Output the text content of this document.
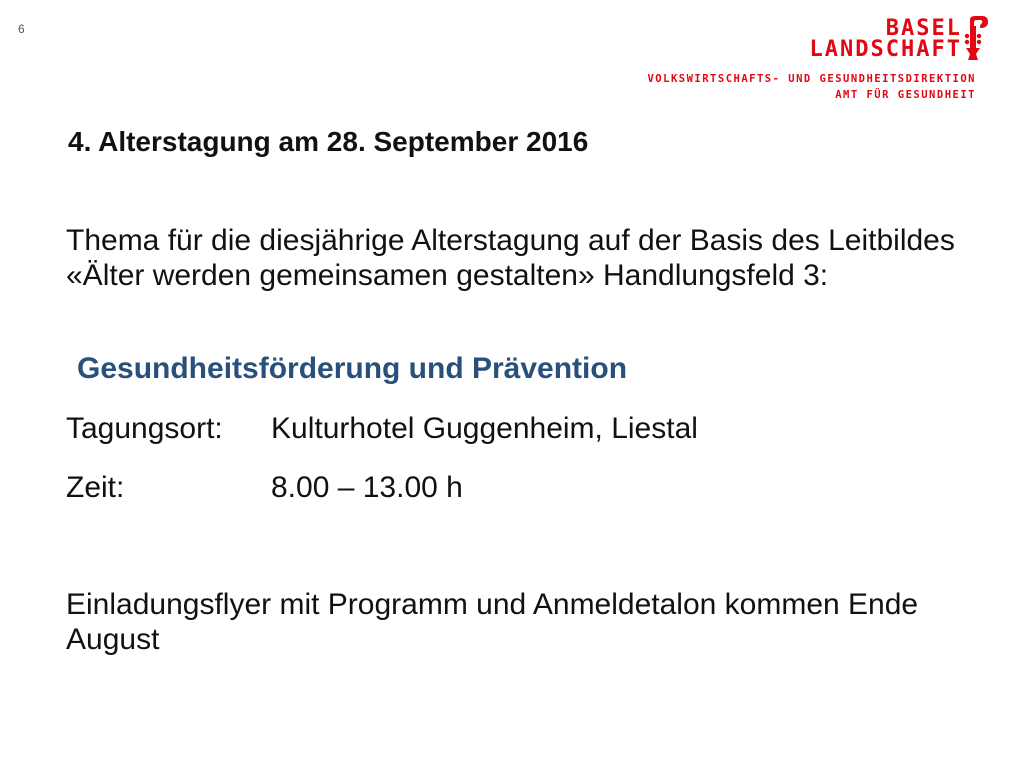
6	BASEL
LANDSCHAFT
VOLKSWIRTSCHAFTS- UND GESUNDHEITSDIREKTION
AMT FÜR GESUNDHEIT
4. Alterstagung am 28. September 2016
Thema für die diesjährige Alterstagung auf der Basis des Leitbildes «Älter werden gemeinsamen gestalten» Handlungsfeld 3:
Gesundheitsförderung und Prävention
Tagungsort: Kulturhotel Guggenheim, Liestal
Zeit:	8.00 – 13.00 h
Einladungsflyer mit Programm und Anmeldetalon kommen Ende August
